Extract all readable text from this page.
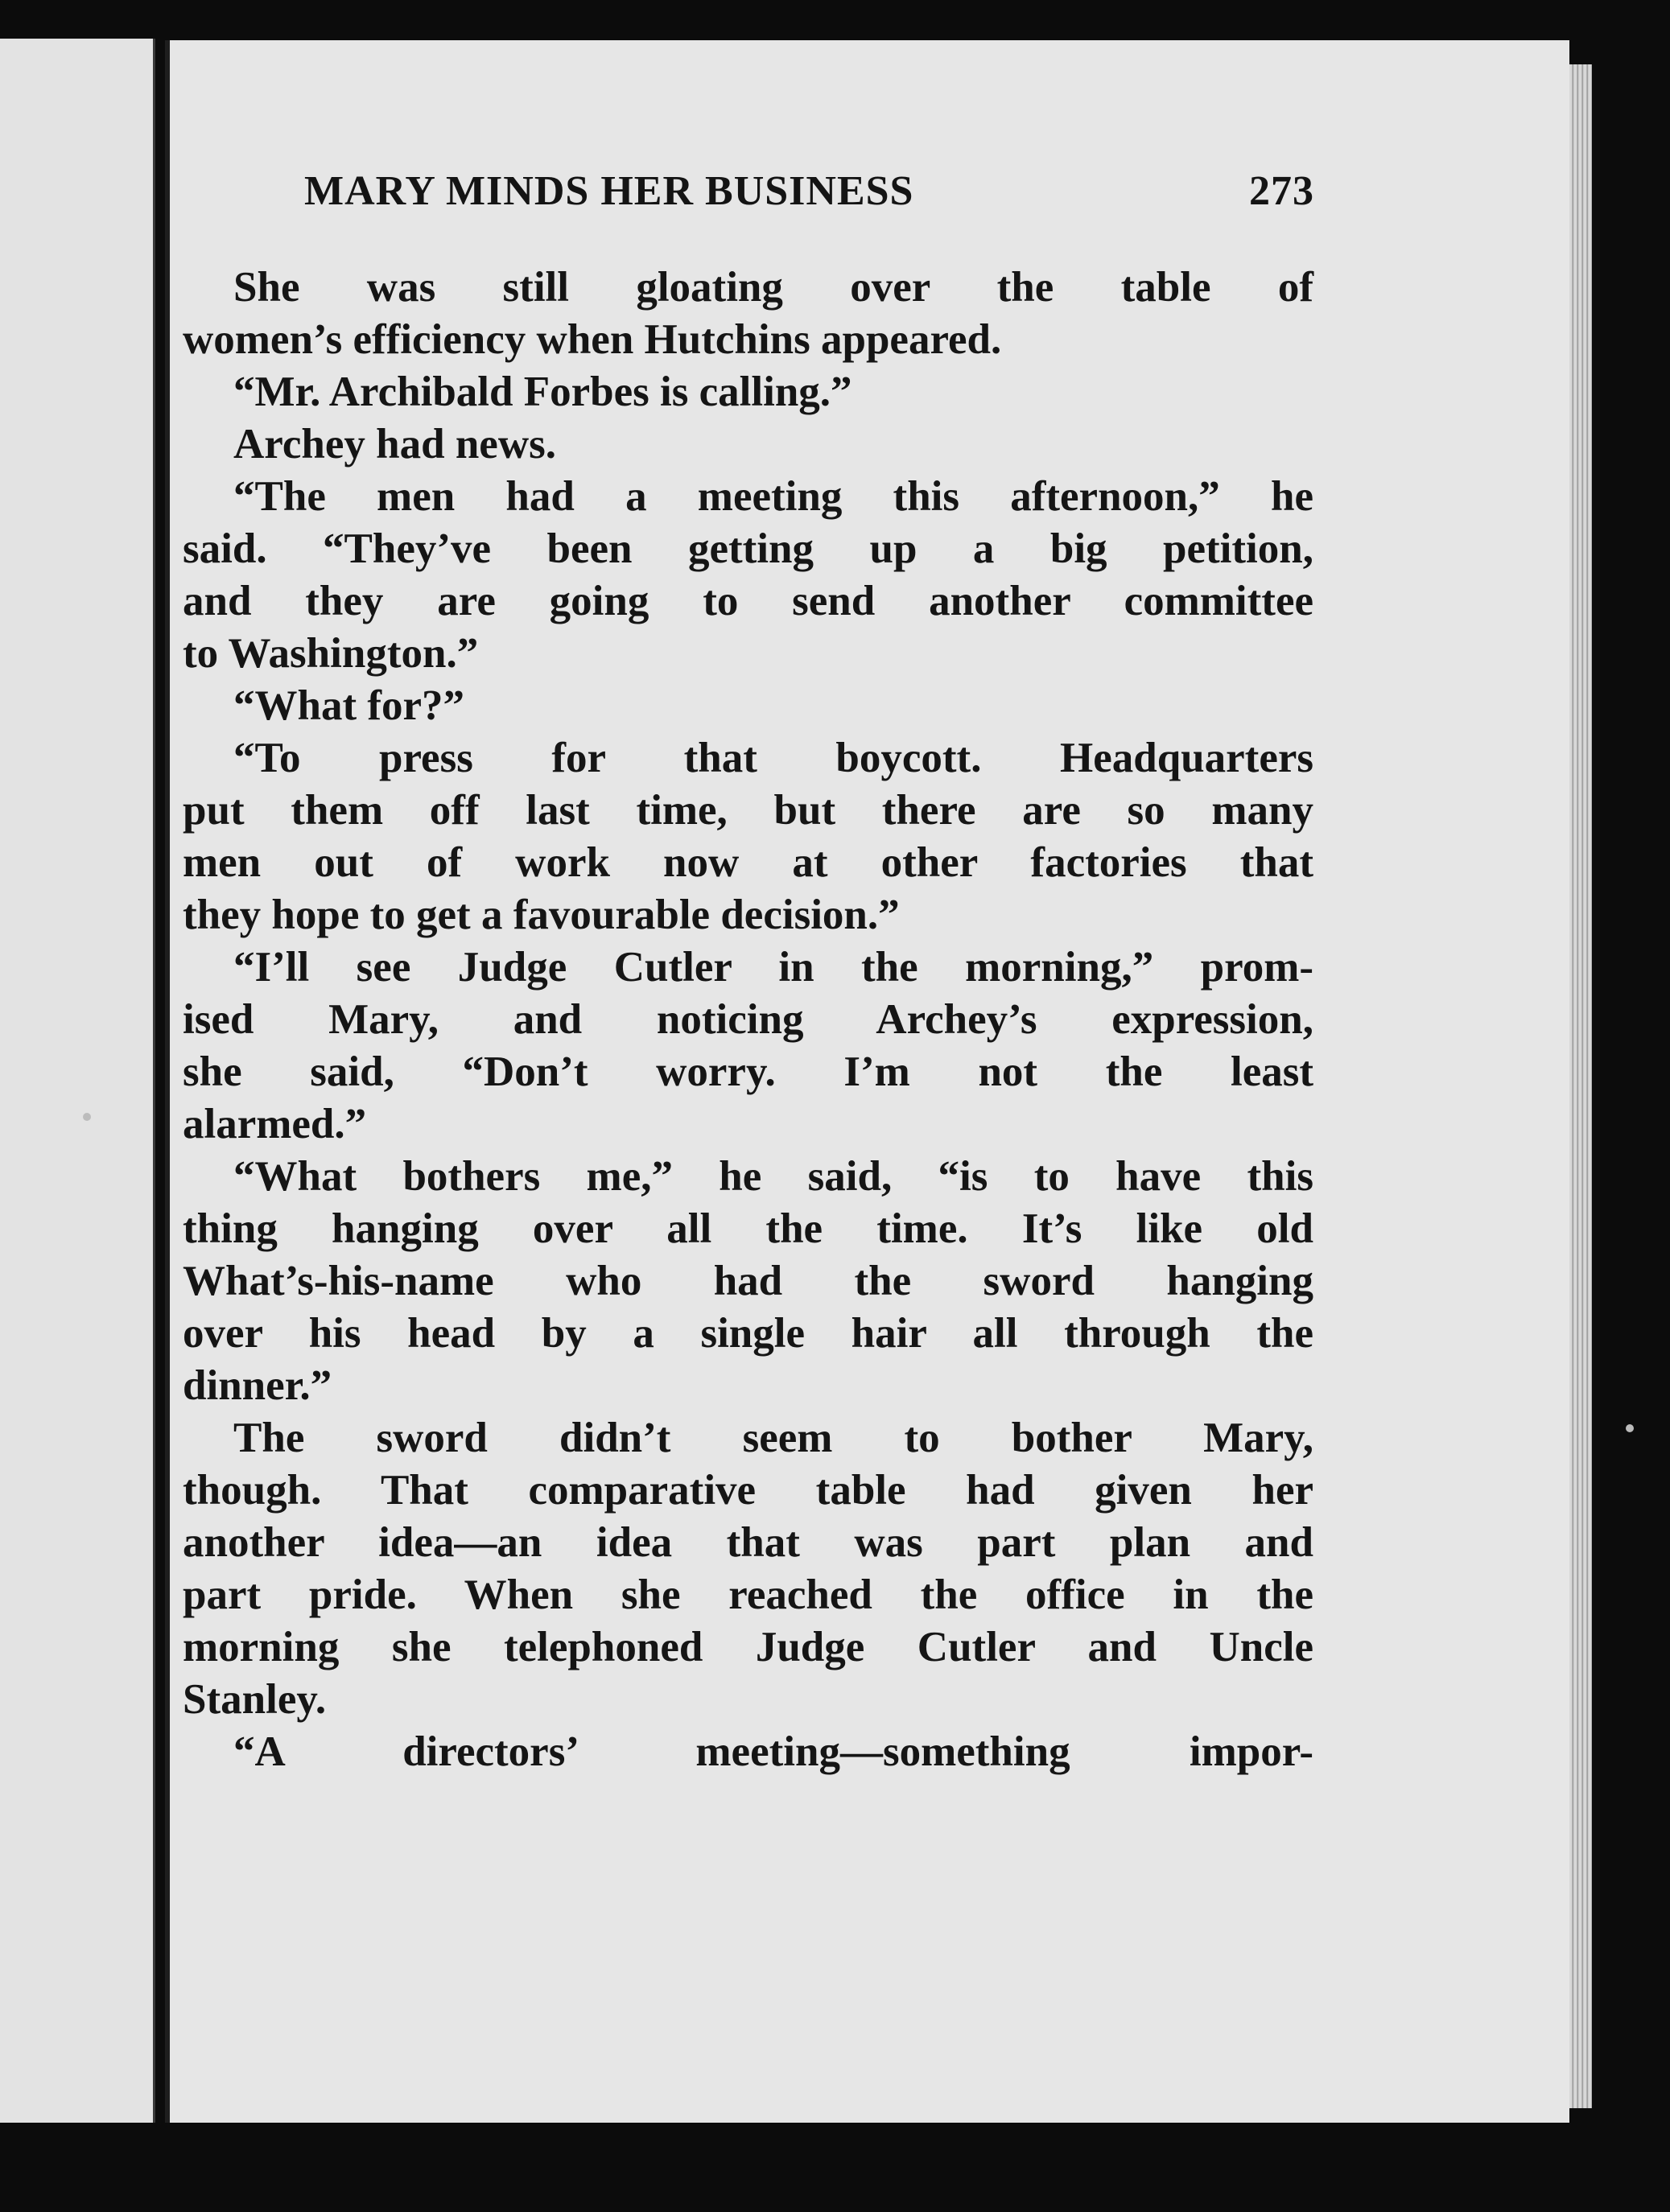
MARY MINDS HER BUSINESS	273
She was still gloating over the table of
women’s efficiency when Hutchins appeared.
“Mr. Archibald Forbes is calling.”
Archey had news.
“The men had a meeting this afternoon,” he
said. “They’ve been getting up a big petition,
and they are going to send another committee
to Washington.”
“What for?”
“To press for that boycott. Headquarters
put them off last time, but there are so many
men out of work now at other factories that
they hope to get a favourable decision.”
“I’ll see Judge Cutler in the morning,” prom-
ised Mary, and noticing Archey’s expression,
she said, “Don’t worry. I’m not the least
alarmed.”
“What bothers me,” he said, “is to have this
thing hanging over all the time. It’s like old
What’s-his-name who had the sword hanging
over his head by a single hair all through the
dinner.”
The sword didn’t seem to bother Mary,
though. That comparative table had given her
another idea—an idea that was part plan and
part pride. When she reached the office in the
morning she telephoned Judge Cutler and Uncle
Stanley.
“A directors’ meeting—something impor-
